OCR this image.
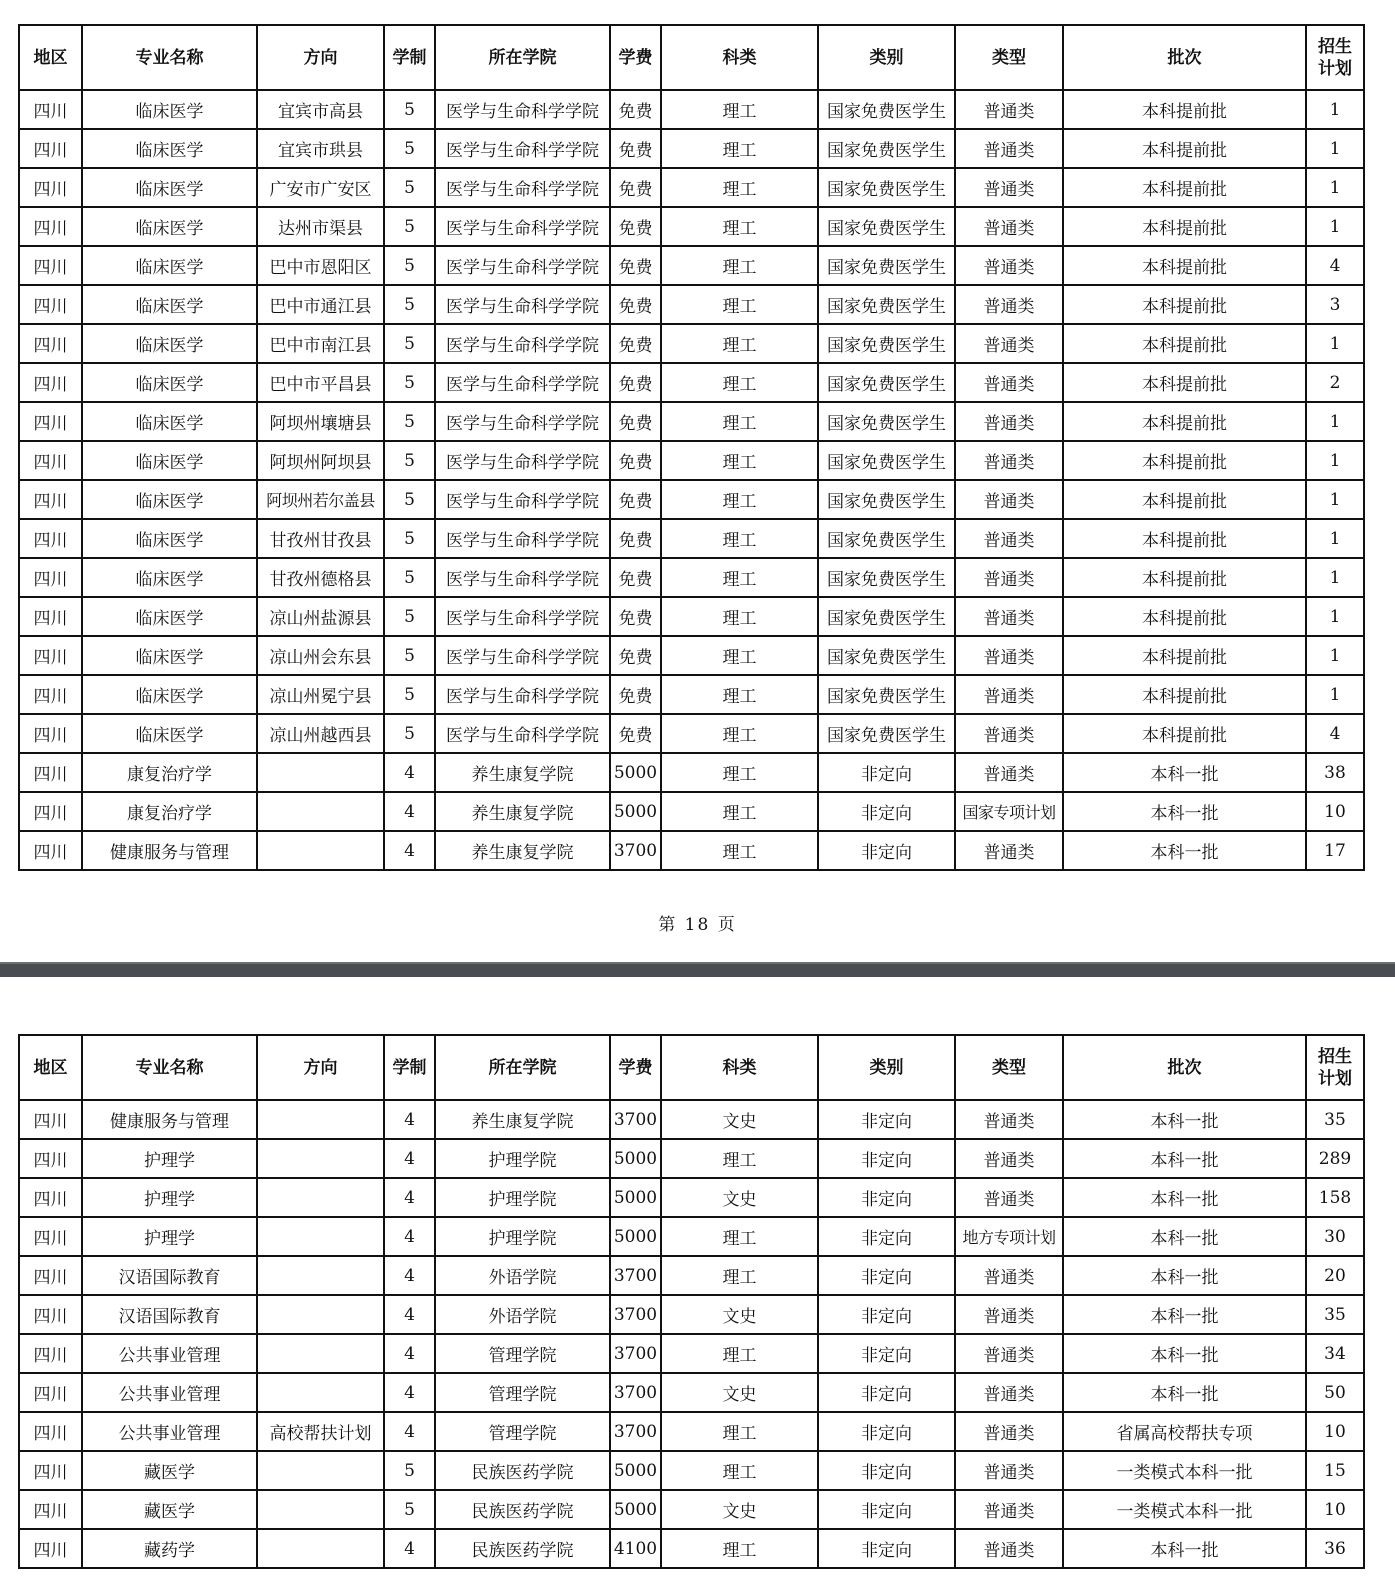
地区	专业名称	方向	学制	所在学院	学费	科类	类别	类型	批次	招生
计划
四川	临床医学	宜宾市高县	5	医学与生命科学学院	免费	理工	国家免费医学生	普通类	本科提前批	1
四川	临床医学	宜宾市珙县	5	医学与生命科学学院	免费	理工	国家免费医学生	普通类	本科提前批	1
四川	临床医学	广安市广安区	5	医学与生命科学学院	免费	理工	国家免费医学生	普通类	本科提前批	1
四川	临床医学	达州市渠县	5	医学与生命科学学院	免费	理工	国家免费医学生	普通类	本科提前批	1
四川	临床医学	巴中市恩阳区	5	医学与生命科学学院	免费	理工	国家免费医学生	普通类	本科提前批	4
四川	临床医学	巴中市通江县	5	医学与生命科学学院	免费	理工	国家免费医学生	普通类	本科提前批	3
四川	临床医学	巴中市南江县	5	医学与生命科学学院	免费	理工	国家免费医学生	普通类	本科提前批	1
四川	临床医学	巴中市平昌县	5	医学与生命科学学院	免费	理工	国家免费医学生	普通类	本科提前批	2
四川	临床医学	阿坝州壤塘县	5	医学与生命科学学院	免费	理工	国家免费医学生	普通类	本科提前批	1
四川	临床医学	阿坝州阿坝县	5	医学与生命科学学院	免费	理工	国家免费医学生	普通类	本科提前批	1
四川	临床医学	阿坝州若尔盖县	5	医学与生命科学学院	免费	理工	国家免费医学生	普通类	本科提前批	1
四川	临床医学	甘孜州甘孜县	5	医学与生命科学学院	免费	理工	国家免费医学生	普通类	本科提前批	1
四川	临床医学	甘孜州德格县	5	医学与生命科学学院	免费	理工	国家免费医学生	普通类	本科提前批	1
四川	临床医学	凉山州盐源县	5	医学与生命科学学院	免费	理工	国家免费医学生	普通类	本科提前批	1
四川	临床医学	凉山州会东县	5	医学与生命科学学院	免费	理工	国家免费医学生	普通类	本科提前批	1
四川	临床医学	凉山州冕宁县	5	医学与生命科学学院	免费	理工	国家免费医学生	普通类	本科提前批	1
四川	临床医学	凉山州越西县	5	医学与生命科学学院	免费	理工	国家免费医学生	普通类	本科提前批	4
四川	康复治疗学		4	养生康复学院	5000	理工	非定向	普通类	本科一批	38
四川	康复治疗学		4	养生康复学院	5000	理工	非定向	国家专项计划	本科一批	10
四川	健康服务与管理		4	养生康复学院	3700	理工	非定向	普通类	本科一批	17
第 18 页
地区	专业名称	方向	学制	所在学院	学费	科类	类别	类型	批次	招生
计划
四川	健康服务与管理		4	养生康复学院	3700	文史	非定向	普通类	本科一批	35
四川	护理学		4	护理学院	5000	理工	非定向	普通类	本科一批	289
四川	护理学		4	护理学院	5000	文史	非定向	普通类	本科一批	158
四川	护理学		4	护理学院	5000	理工	非定向	地方专项计划	本科一批	30
四川	汉语国际教育		4	外语学院	3700	理工	非定向	普通类	本科一批	20
四川	汉语国际教育		4	外语学院	3700	文史	非定向	普通类	本科一批	35
四川	公共事业管理		4	管理学院	3700	理工	非定向	普通类	本科一批	34
四川	公共事业管理		4	管理学院	3700	文史	非定向	普通类	本科一批	50
四川	公共事业管理	高校帮扶计划	4	管理学院	3700	理工	非定向	普通类	省属高校帮扶专项	10
四川	藏医学		5	民族医药学院	5000	理工	非定向	普通类	一类模式本科一批	15
四川	藏医学		5	民族医药学院	5000	文史	非定向	普通类	一类模式本科一批	10
四川	藏药学		4	民族医药学院	4100	理工	非定向	普通类	本科一批	36
